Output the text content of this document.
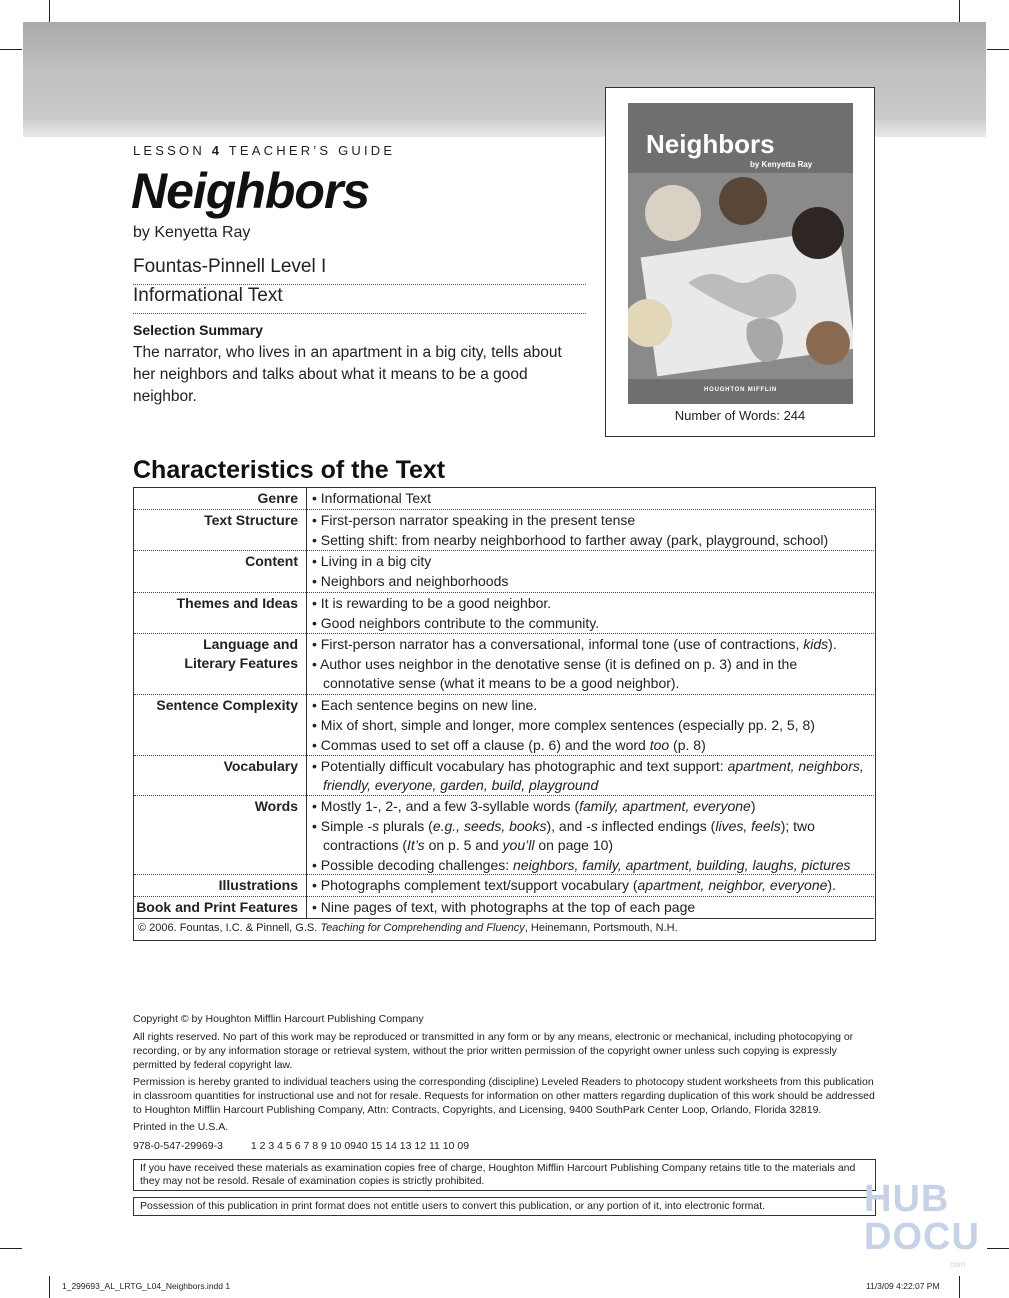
LESSON 4 TEACHER’S GUIDE
Neighbors
by Kenyetta Ray
Fountas-Pinnell Level I
Informational Text
Selection Summary
The narrator, who lives in an apartment in a big city, tells about her neighbors and talks about what it means to be a good neighbor.
Neighbors
by Kenyetta Ray
HOUGHTON MIFFLIN
Number of Words: 244
Characteristics of the Text
Genre • Informational Text

Text Structure • First-person narrator speaking in the present tense

• Setting shift: from nearby neighborhood to farther away (park, playground, school)

Content • Living in a big city

• Neighbors and neighborhoods

Themes and Ideas • It is rewarding to be a good neighbor.

• Good neighbors contribute to the community.

Language and
Literary Features

• First-person narrator has a conversational, informal tone (use of contractions, kids).

• Author uses neighbor in the denotative sense (it is defined on p. 3) and in the connotative sense (what it means to be a good neighbor).

Sentence Complexity • Each sentence begins on new line.

• Mix of short, simple and longer, more complex sentences (especially pp. 2, 5, 8)

• Commas used to set off a clause (p. 6) and the word too (p. 8)

Vocabulary • Potentially difficult vocabulary has photographic and text support: apartment, neighbors, friendly, everyone, garden, build, playground

Words • Mostly 1-, 2-, and a few 3-syllable words (family, apartment, everyone)

• Simple -s plurals (e.g., seeds, books), and -s inflected endings (lives, feels); two contractions (It’s on p. 5 and you’ll on page 10)

• Possible decoding challenges: neighbors, family, apartment, building, laughs, pictures

Illustrations • Photographs complement text/support vocabulary (apartment, neighbor, everyone).

Book and Print Features • Nine pages of text, with photographs at the top of each page

© 2006. Fountas, I.C. & Pinnell, G.S. Teaching for Comprehending and Fluency, Heinemann, Portsmouth, N.H.
Copyright © by Houghton Mifflin Harcourt Publishing Company
All rights reserved. No part of this work may be reproduced or transmitted in any form or by any means, electronic or mechanical, including photocopying or recording, or by any information storage or retrieval system, without the prior written permission of the copyright owner unless such copying is expressly permitted by federal copyright law.
Permission is hereby granted to individual teachers using the corresponding (discipline) Leveled Readers to photocopy student worksheets from this publication in classroom quantities for instructional use and not for resale. Requests for information on other matters regarding duplication of this work should be addressed to Houghton Mifflin Harcourt Publishing Company, Attn: Contracts, Copyrights, and Licensing, 9400 SouthPark Center Loop, Orlando, Florida 32819.
Printed in the U.S.A.
978-0-547-29969-3	1 2 3 4 5 6 7 8 9 10 0940 15 14 13 12 11 10 09
If you have received these materials as examination copies free of charge, Houghton Mifflin Harcourt Publishing Company retains title to the materials and they may not be resold. Resale of examination copies is strictly prohibited.
Possession of this publication in print format does not entitle users to convert this publication, or any portion of it, into electronic format.	HUB
DOCU
.com
1_299693_AL_LRTG_L04_Neighbors.indd 1	11/3/09 4:22:07 PM
